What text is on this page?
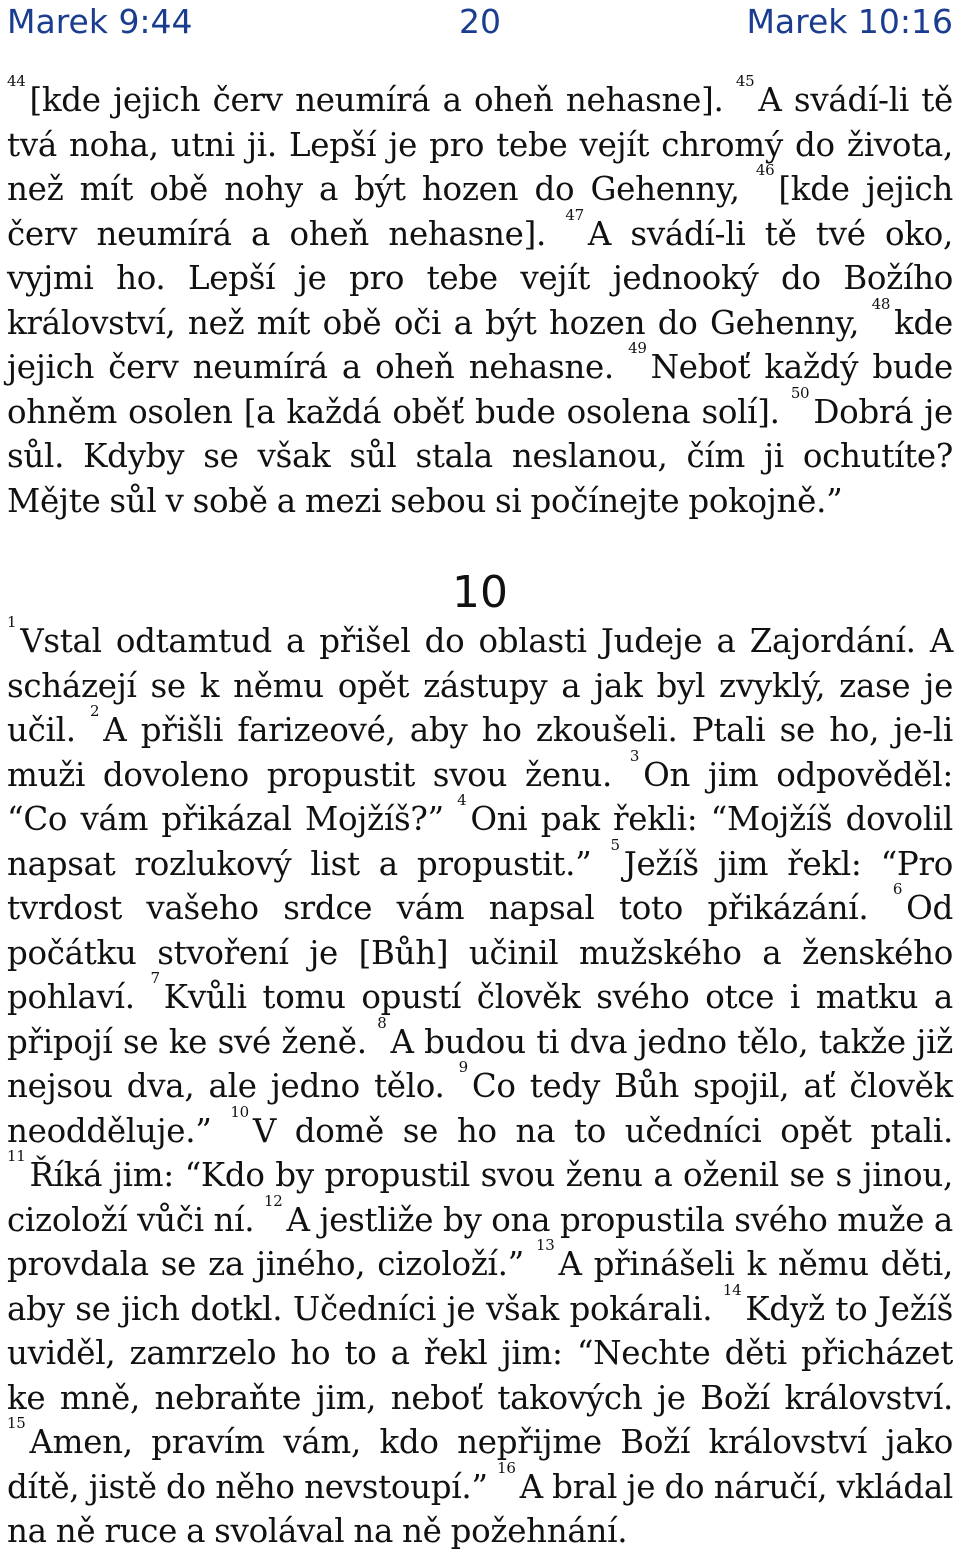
Marek 9:44	20	Marek 10:16
$^{44}$ [kde jejich červ neumírá a oheň nehasne]. $^{45}$ A svádí-li tě tvá noha, utni ji. Lepší je pro tebe vejít chromý do života, než mít obě nohy a být hozen do Gehenny, $^{46}$ [kde jejich červ neumírá a oheň nehasne]. $^{47}$ A svádí-li tě tvé oko, vyjmi ho. Lepší je pro tebe vejít jednooký do Božího království, než mít obě oči a být hozen do Gehenny, $^{48}$ kde jejich červ neumírá a oheň nehasne. $^{49}$ Neboť každý bude ohněm osolen [a každá oběť bude osolena solí]. $^{50}$ Dobrá je sůl. Kdyby se však sůl stala neslanou, čím ji ochutíte? Mějte sůl v sobě a mezi sebou si počínejte pokojně.”
10
$^1$ Vstal odtamtud a přišel do oblasti Judeje a Zajordání. A scházejí se k němu opět zástupy a jak byl zvyklý, zase je učil. $^2$ A přišli farizeové, aby ho zkoušeli. Ptali se ho, je-li muži dovoleno propustit svou ženu. $^3$ On jim odpověděl: “Co vám přikázal Mojžíš?” $^4$ Oni pak řekli: “Mojžíš dovolil napsat rozlukový list a propustit.” $^5$ Ježíš jim řekl: “Pro tvrdost vašeho srdce vám napsal toto přikázání. $^6$ Od počátku stvoření je [Bůh] učinil mužského a ženského pohlaví. $^7$ Kvůli tomu opustí člověk svého otce i matku a připojí se ke své ženě. $^8$ A budou ti dva jedno tělo, takže již nejsou dva, ale jedno tělo. $^9$ Co tedy Bůh spojil, ať člověk neodděluje.” $^{10}$ V domě se ho na to učedníci opět ptali. $^{11}$ Říká jim: “Kdo by propustil svou ženu a oženil se s jinou, cizoloží vůči ní. $^{12}$ A jestliže by ona propustila svého muže a provdala se za jiného, cizoloží.” $^{13}$ A přinášeli k němu děti, aby se jich dotkl. Učedníci je však pokárali. $^{14}$ Když to Ježíš uviděl, zamrzelo ho to a řekl jim: “Nechte děti přicházet ke mně, nebraňte jim, neboť takových je Boží království. $^{15}$ Amen, pravím vám, kdo nepřijme Boží království jako dítě, jistě do něho nevstoupí.” $^{16}$ A bral je do náručí, vkládal na ně ruce a svolával na ně požehnání.
